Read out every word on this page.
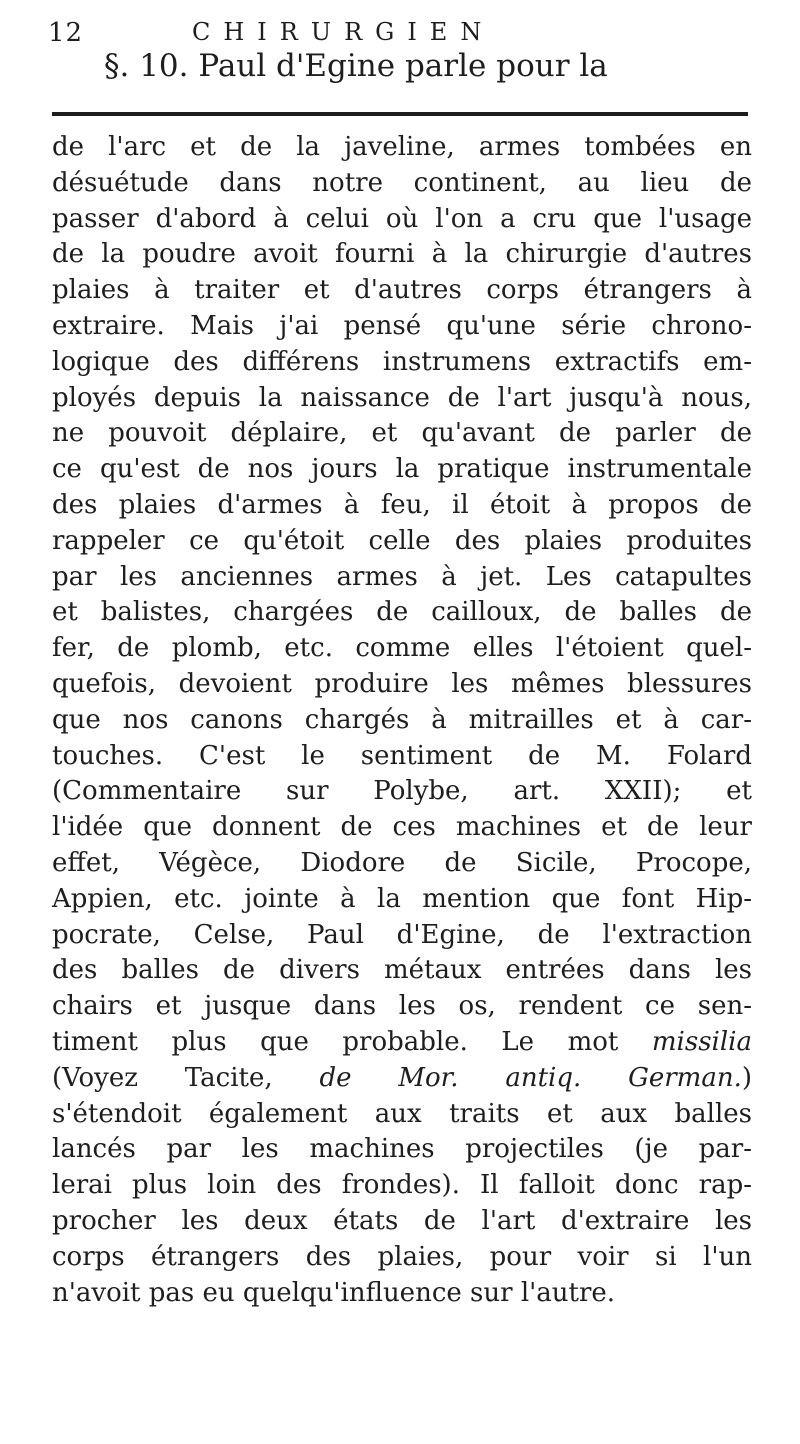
12	CHIRURGIEN
§. 10. Paul d'Egine parle pour la
de l'arc et de la javeline, armes tombées en
désuétude dans notre continent, au lieu de
passer d'abord à celui où l'on a cru que l'usage
de la poudre avoit fourni à la chirurgie d'autres
plaies à traiter et d'autres corps étrangers à
extraire. Mais j'ai pensé qu'une série chrono-
logique des différens instrumens extractifs em-
ployés depuis la naissance de l'art jusqu'à nous,
ne pouvoit déplaire, et qu'avant de parler de
ce qu'est de nos jours la pratique instrumentale
des plaies d'armes à feu, il étoit à propos de
rappeler ce qu'étoit celle des plaies produites
par les anciennes armes à jet. Les catapultes
et balistes, chargées de cailloux, de balles de
fer, de plomb, etc. comme elles l'étoient quel-
quefois, devoient produire les mêmes blessures
que nos canons chargés à mitrailles et à car-
touches. C'est le sentiment de M. Folard
(Commentaire sur Polybe, art. XXII); et
l'idée que donnent de ces machines et de leur
effet, Végèce, Diodore de Sicile, Procope,
Appien, etc. jointe à la mention que font Hip-
pocrate, Celse, Paul d'Egine, de l'extraction
des balles de divers métaux entrées dans les
chairs et jusque dans les os, rendent ce sen-
timent plus que probable. Le mot missilia
(Voyez Tacite, de Mor. antiq. German.)
s'étendoit également aux traits et aux balles
lancés par les machines projectiles (je par-
lerai plus loin des frondes). Il falloit donc rap-
procher les deux états de l'art d'extraire les
corps étrangers des plaies, pour voir si l'un
n'avoit pas eu quelqu'influence sur l'autre.
